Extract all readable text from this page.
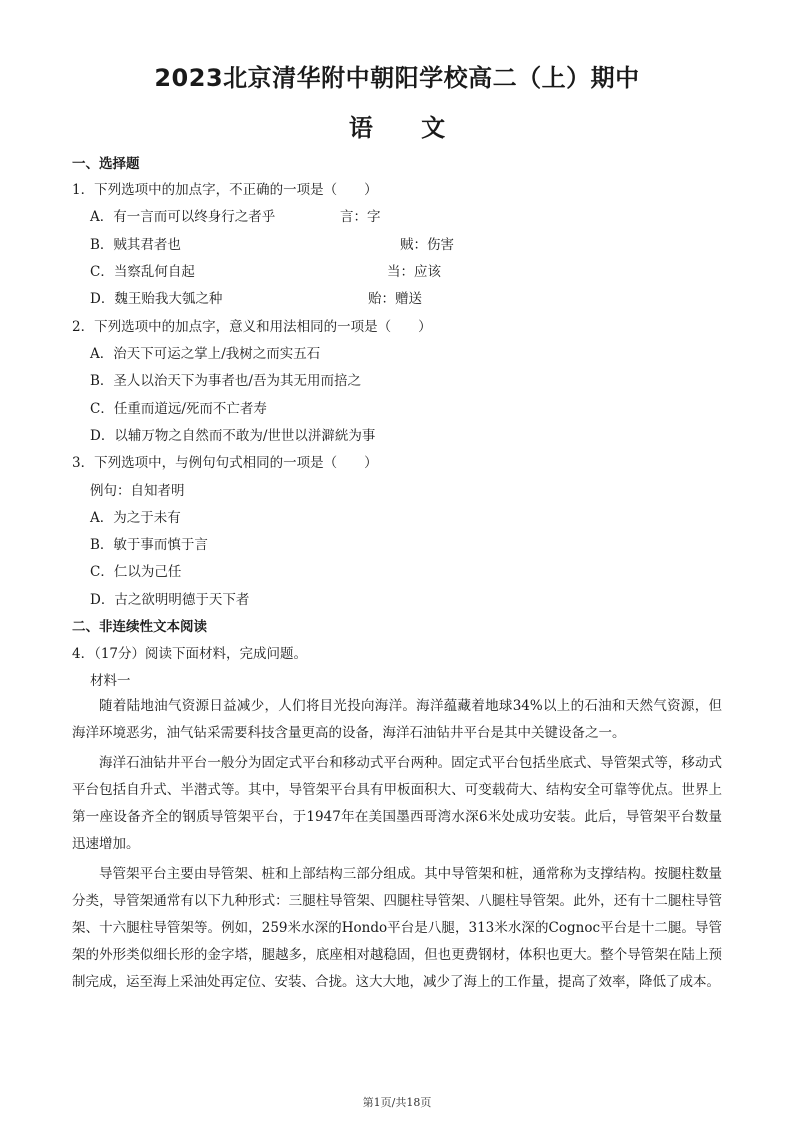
2023北京清华附中朝阳学校高二（上）期中
语 文
一、选择题
1．下列选项中的加点字，不正确的一项是（　　）
A．有一言而可以终身行之者乎	言：字
B．贼其君者也	贼：伤害
C．当察乱何自起	当：应该
D．魏王贻我大瓠之种	贻：赠送
2．下列选项中的加点字，意义和用法相同的一项是（　　）
A．治天下可运之掌上/我树之而实五石
B．圣人以治天下为事者也/吾为其无用而掊之
C．任重而道远/死而不亡者寿
D．以辅万物之自然而不敢为/世世以洴澼絖为事
3．下列选项中，与例句句式相同的一项是（　　）
例句：自知者明
A．为之于未有
B．敏于事而慎于言
C．仁以为己任
D．古之欲明明德于天下者
二、非连续性文本阅读
4．（17分）阅读下面材料，完成问题。
材料一
随着陆地油气资源日益减少，人们将目光投向海洋。海洋蕴藏着地球34%以上的石油和天然气资源，但海洋环境恶劣，油气钻采需要科技含量更高的设备，海洋石油钻井平台是其中关键设备之一。
海洋石油钻井平台一般分为固定式平台和移动式平台两种。固定式平台包括坐底式、导管架式等，移动式平台包括自升式、半潜式等。其中，导管架平台具有甲板面积大、可变载荷大、结构安全可靠等优点。世界上第一座设备齐全的钢质导管架平台，于1947年在美国墨西哥湾水深6米处成功安装。此后，导管架平台数量迅速增加。
导管架平台主要由导管架、桩和上部结构三部分组成。其中导管架和桩，通常称为支撑结构。按腿柱数量分类，导管架通常有以下九种形式：三腿柱导管架、四腿柱导管架、八腿柱导管架。此外，还有十二腿柱导管架、十六腿柱导管架等。例如，259米水深的Hondo平台是八腿，313米水深的Cognoc平台是十二腿。导管架的外形类似细长形的金字塔，腿越多，底座相对越稳固，但也更费钢材，体积也更大。整个导管架在陆上预制完成，运至海上采油处再定位、安装、合拢。这大大地，减少了海上的工作量，提高了效率，降低了成本。
第1页/共18页
